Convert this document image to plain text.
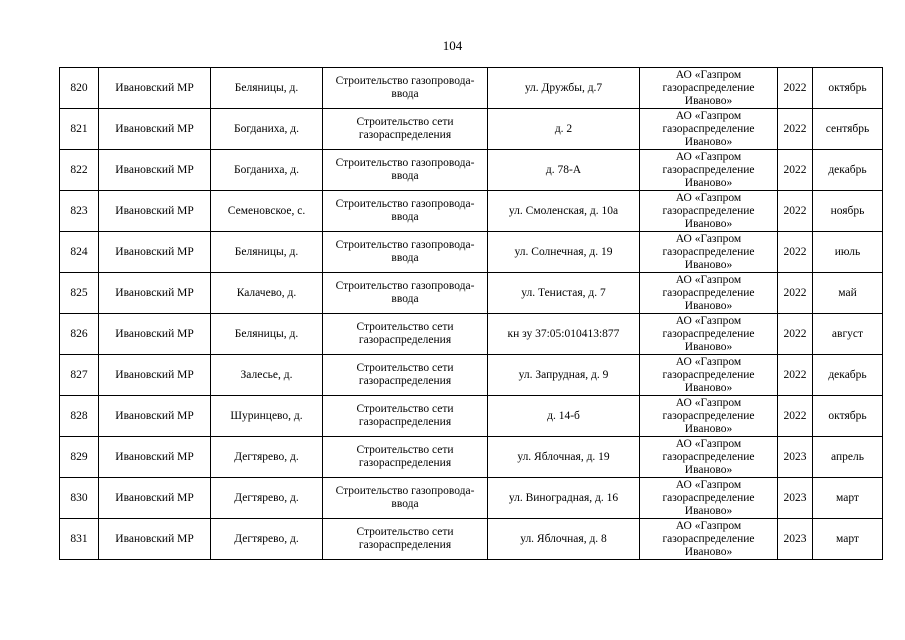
104
820	Ивановский МР	Беляницы, д.	Строительство газопровода-ввода	ул. Дружбы, д.7	АО «Газпром газораспределение Иваново»	2022	октябрь
821	Ивановский МР	Богданиха, д.	Строительство сети газораспределения	д. 2	АО «Газпром газораспределение Иваново»	2022	сентябрь
822	Ивановский МР	Богданиха, д.	Строительство газопровода-ввода	д. 78-А	АО «Газпром газораспределение Иваново»	2022	декабрь
823	Ивановский МР	Семеновское, с.	Строительство газопровода-ввода	ул. Смоленская, д. 10а	АО «Газпром газораспределение Иваново»	2022	ноябрь
824	Ивановский МР	Беляницы, д.	Строительство газопровода-ввода	ул. Солнечная, д. 19	АО «Газпром газораспределение Иваново»	2022	июль
825	Ивановский МР	Калачево, д.	Строительство газопровода-ввода	ул. Тенистая, д. 7	АО «Газпром газораспределение Иваново»	2022	май
826	Ивановский МР	Беляницы, д.	Строительство сети газораспределения	кн зу 37:05:010413:877	АО «Газпром газораспределение Иваново»	2022	август
827	Ивановский МР	Залесье, д.	Строительство сети газораспределения	ул. Запрудная, д. 9	АО «Газпром газораспределение Иваново»	2022	декабрь
828	Ивановский МР	Шуринцево, д.	Строительство сети газораспределения	д. 14-б	АО «Газпром газораспределение Иваново»	2022	октябрь
829	Ивановский МР	Дегтярево, д.	Строительство сети газораспределения	ул. Яблочная, д. 19	АО «Газпром газораспределение Иваново»	2023	апрель
830	Ивановский МР	Дегтярево, д.	Строительство газопровода-ввода	ул. Виноградная, д. 16	АО «Газпром газораспределение Иваново»	2023	март
831	Ивановский МР	Дегтярево, д.	Строительство сети газораспределения	ул. Яблочная, д. 8	АО «Газпром газораспределение Иваново»	2023	март
